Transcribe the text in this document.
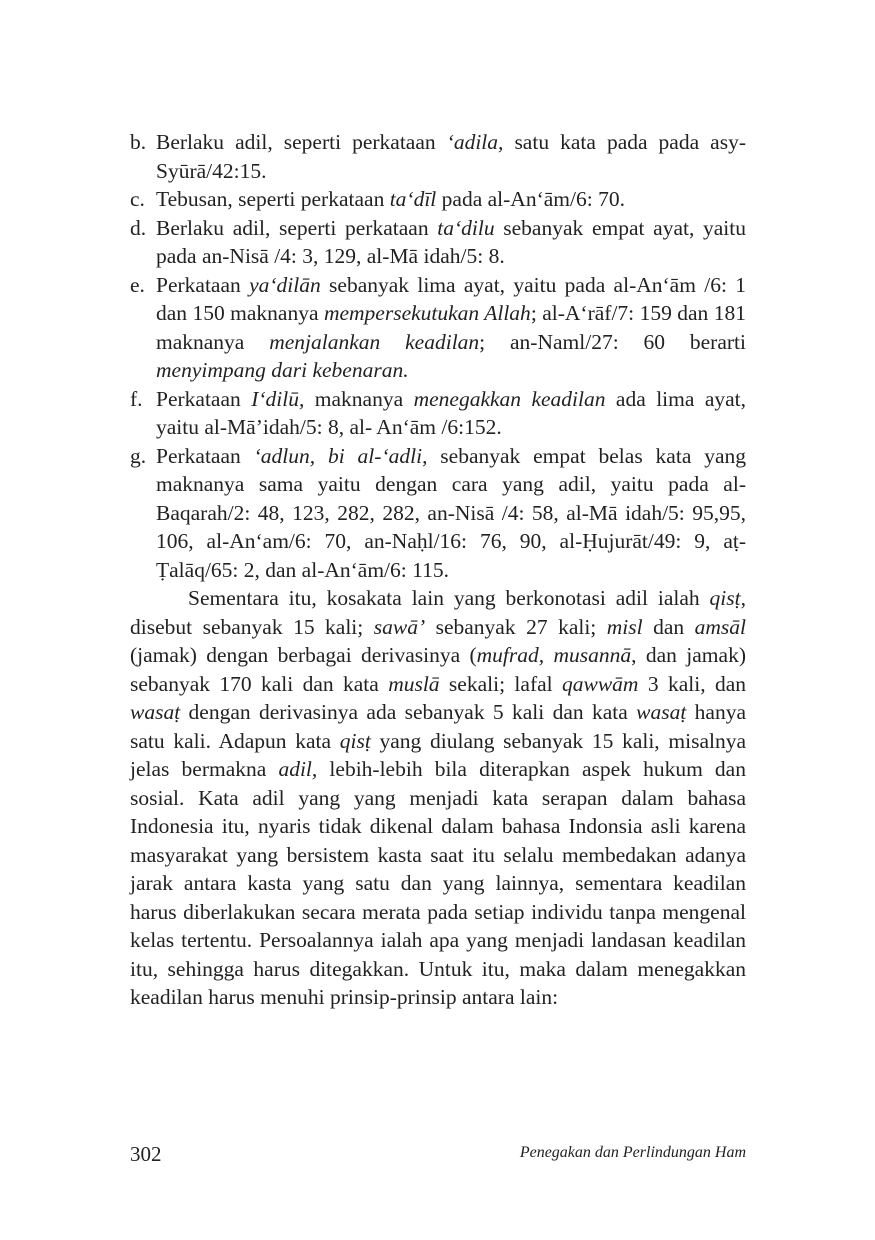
b. Berlaku adil, seperti perkataan ‘adila, satu kata pada pada asy-Syūrā/42:15.
c. Tebusan, seperti perkataan ta‘dīl pada al-An‘ām/6: 70.
d. Berlaku adil, seperti perkataan ta‘dilu sebanyak empat ayat, yaitu pada an-Nisā /4: 3, 129, al-Mā idah/5: 8.
e. Perkataan ya‘dilān sebanyak lima ayat, yaitu pada al-An‘ām /6: 1 dan 150 maknanya mempersekutukan Allah; al-A‘rāf/7: 159 dan 181 maknanya menjalankan keadilan; an-Naml/27: 60 berarti menyimpang dari kebenaran.
f. Perkataan I‘dilū, maknanya menegakkan keadilan ada lima ayat, yaitu al-Mā’idah/5: 8, al- An‘ām /6:152.
g. Perkataan ‘adlun, bi al-‘adli, sebanyak empat belas kata yang maknanya sama yaitu dengan cara yang adil, yaitu pada al-Baqarah/2: 48, 123, 282, 282, an-Nisā /4: 58, al-Mā idah/5: 95,95, 106, al-An‘am/6: 70, an-Naḥl/16: 76, 90, al-Ḥujurāt/49: 9, aṭ-Ṭalāq/65: 2, dan al-An‘ām/6: 115.

Sementara itu, kosakata lain yang berkonotasi adil ialah qisṭ, disebut sebanyak 15 kali; sawā’ sebanyak 27 kali; misl dan amsāl (jamak) dengan berbagai derivasinya (mufrad, musannā, dan jamak) sebanyak 170 kali dan kata muslā sekali; lafal qawwām 3 kali, dan wasaṭ dengan derivasinya ada sebanyak 5 kali dan kata wasaṭ hanya satu kali. Adapun kata qisṭ yang diulang sebanyak 15 kali, misalnya jelas bermakna adil, lebih-lebih bila diterapkan aspek hukum dan sosial. Kata adil yang yang menjadi kata serapan dalam bahasa Indonesia itu, nyaris tidak dikenal dalam bahasa Indonsia asli karena masyarakat yang bersistem kasta saat itu selalu membedakan adanya jarak antara kasta yang satu dan yang lainnya, sementara keadilan harus diberlakukan secara merata pada setiap individu tanpa mengenal kelas tertentu. Persoalannya ialah apa yang menjadi landasan keadilan itu, sehingga harus ditegakkan. Untuk itu, maka dalam menegakkan keadilan harus menuhi prinsip-prinsip antara lain:

302	Penegakan dan Perlindungan Ham
